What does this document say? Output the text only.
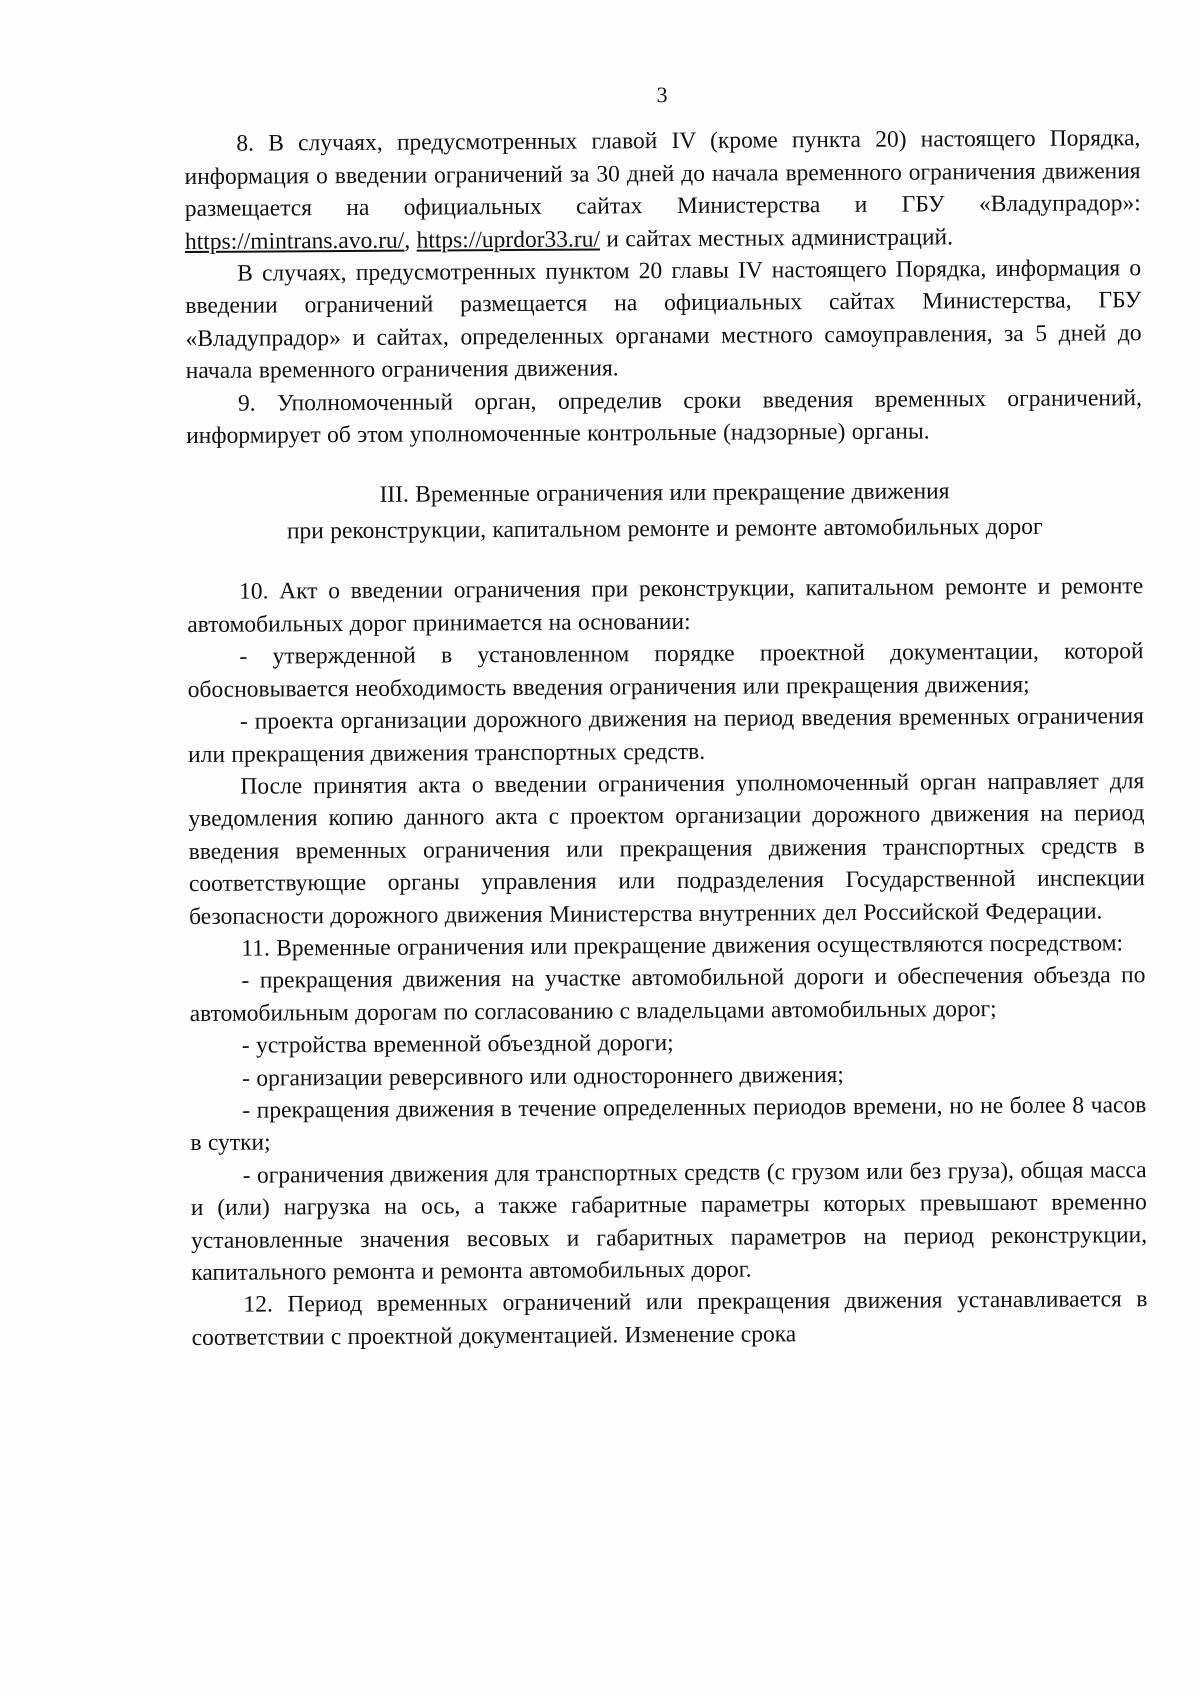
3

8. В случаях, предусмотренных главой IV (кроме пункта 20) настоящего Порядка, информация о введении ограничений за 30 дней до начала временного ограничения движения размещается на официальных сайтах Министерства и ГБУ «Владупрадор»: https://mintrans.avo.ru/, https://uprdor33.ru/ и сайтах местных администраций.

В случаях, предусмотренных пунктом 20 главы IV настоящего Порядка, информация о введении ограничений размещается на официальных сайтах Министерства, ГБУ «Владупрадор» и сайтах, определенных органами местного самоуправления, за 5 дней до начала временного ограничения движения.

9. Уполномоченный орган, определив сроки введения временных ограничений, информирует об этом уполномоченные контрольные (надзорные) органы.

III. Временные ограничения или прекращение движения
при реконструкции, капитальном ремонте и ремонте автомобильных дорог

10. Акт о введении ограничения при реконструкции, капитальном ремонте и ремонте автомобильных дорог принимается на основании:

- утвержденной в установленном порядке проектной документации, которой обосновывается необходимость введения ограничения или прекращения движения;

- проекта организации дорожного движения на период введения временных ограничения или прекращения движения транспортных средств.

После принятия акта о введении ограничения уполномоченный орган направляет для уведомления копию данного акта с проектом организации дорожного движения на период введения временных ограничения или прекращения движения транспортных средств в соответствующие органы управления или подразделения Государственной инспекции безопасности дорожного движения Министерства внутренних дел Российской Федерации.

11. Временные ограничения или прекращение движения осуществляются посредством:

- прекращения движения на участке автомобильной дороги и обеспечения объезда по автомобильным дорогам по согласованию с владельцами автомобильных дорог;

- устройства временной объездной дороги;

- организации реверсивного или одностороннего движения;

- прекращения движения в течение определенных периодов времени, но не более 8 часов в сутки;

- ограничения движения для транспортных средств (с грузом или без груза), общая масса и (или) нагрузка на ось, а также габаритные параметры которых превышают временно установленные значения весовых и габаритных параметров на период реконструкции, капитального ремонта и ремонта автомобильных дорог.

12. Период временных ограничений или прекращения движения устанавливается в соответствии с проектной документацией. Изменение срока
